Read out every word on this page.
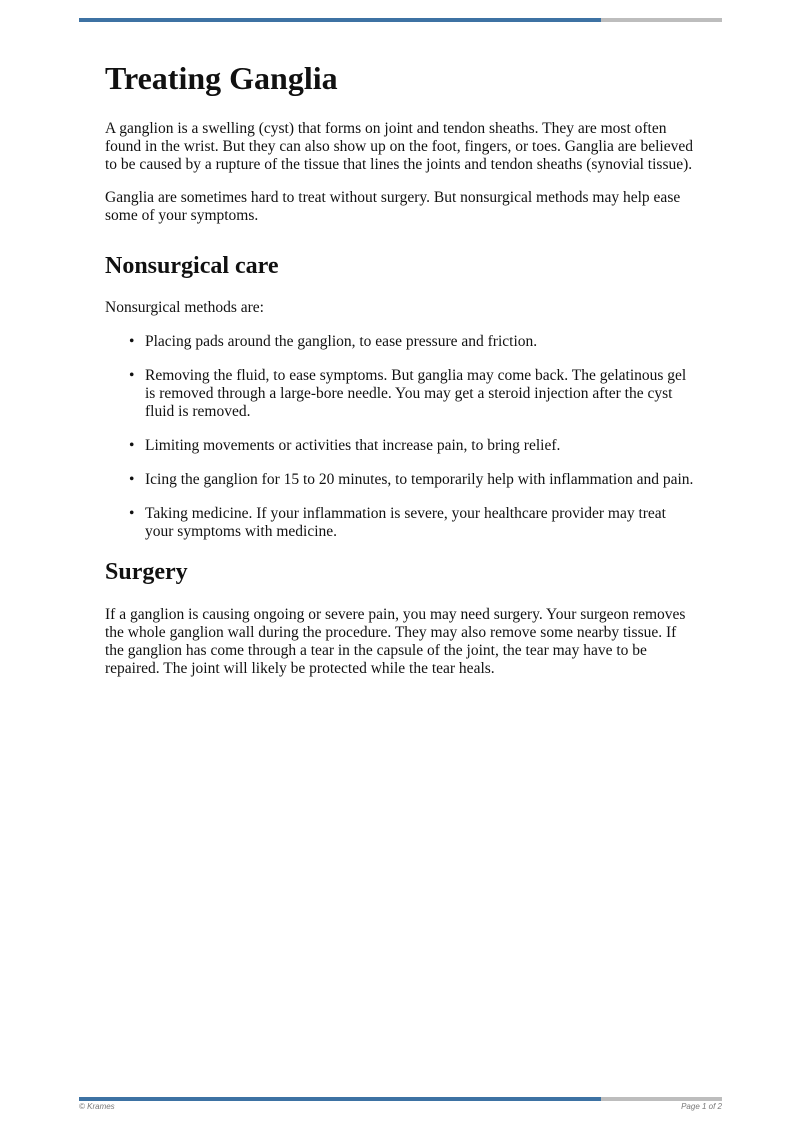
Treating Ganglia

A ganglion is a swelling (cyst) that forms on joint and tendon sheaths. They are most often found in the wrist. But they can also show up on the foot, fingers, or toes. Ganglia are believed to be caused by a rupture of the tissue that lines the joints and tendon sheaths (synovial tissue).

Ganglia are sometimes hard to treat without surgery. But nonsurgical methods may help ease some of your symptoms.

Nonsurgical care

Nonsurgical methods are:

• Placing pads around the ganglion, to ease pressure and friction.
• Removing the fluid, to ease symptoms. But ganglia may come back. The gelatinous gel is removed through a large-bore needle. You may get a steroid injection after the cyst fluid is removed.
• Limiting movements or activities that increase pain, to bring relief.
• Icing the ganglion for 15 to 20 minutes, to temporarily help with inflammation and pain.
• Taking medicine. If your inflammation is severe, your healthcare provider may treat your symptoms with medicine.
Surgery

If a ganglion is causing ongoing or severe pain, you may need surgery. Your surgeon removes the whole ganglion wall during the procedure. They may also remove some nearby tissue. If the ganglion has come through a tear in the capsule of the joint, the tear may have to be repaired. The joint will likely be protected while the tear heals.

© Krames	Page 1 of 2
